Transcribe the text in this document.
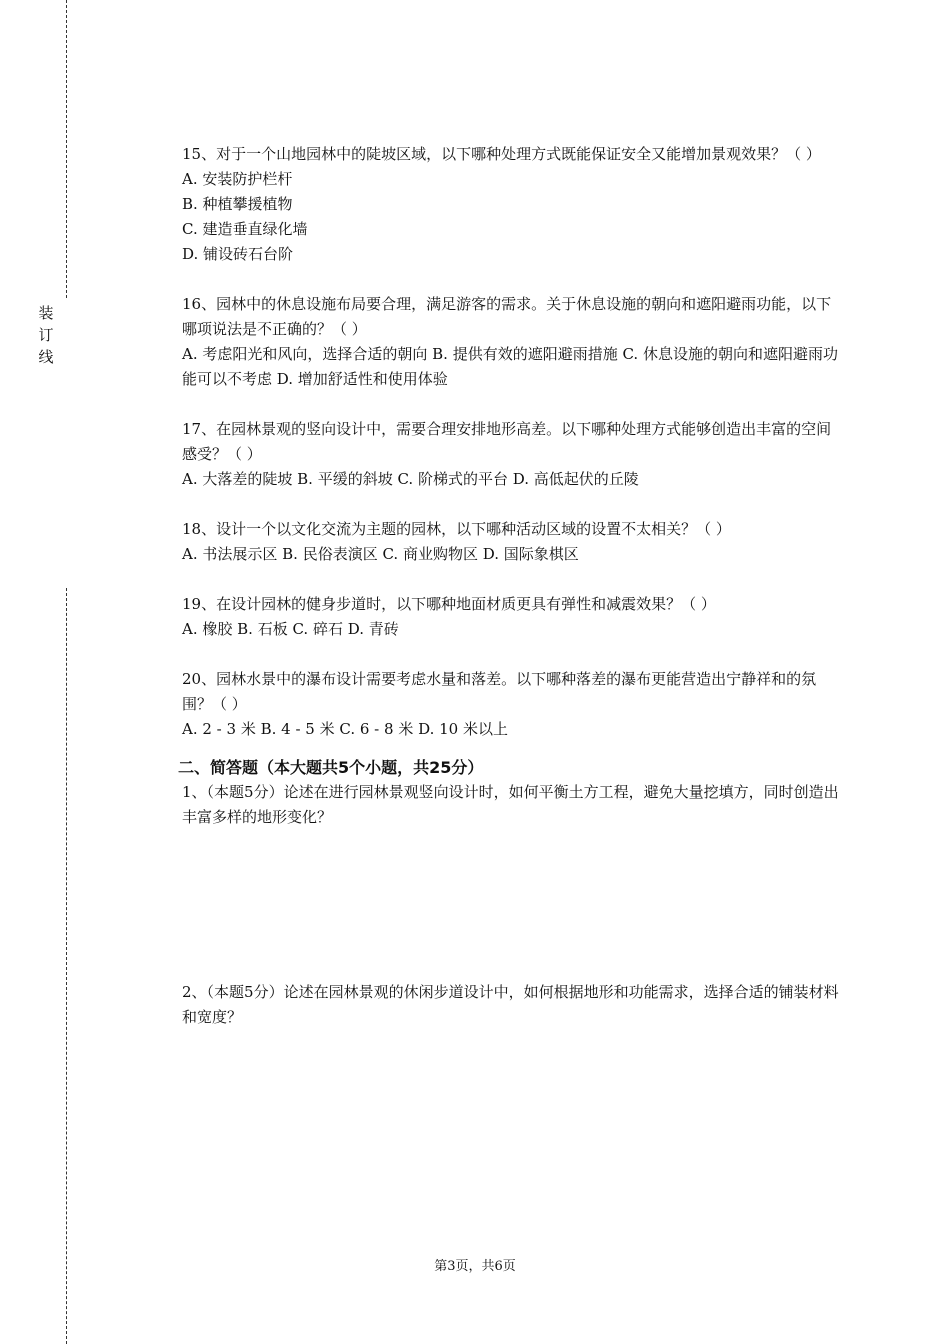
装
订
线

15、对于一个山地园林中的陡坡区域，以下哪种处理方式既能保证安全又能增加景观效果？（ ）

A. 安装防护栏杆

B. 种植攀援植物

C. 建造垂直绿化墙

D. 铺设砖石台阶

16、园林中的休息设施布局要合理，满足游客的需求。关于休息设施的朝向和遮阳避雨功能，以下哪项说法是不正确的？（ ）

A. 考虑阳光和风向，选择合适的朝向 B. 提供有效的遮阳避雨措施 C. 休息设施的朝向和遮阳避雨功能可以不考虑 D. 增加舒适性和使用体验

17、在园林景观的竖向设计中，需要合理安排地形高差。以下哪种处理方式能够创造出丰富的空间感受？（ ）

A. 大落差的陡坡 B. 平缓的斜坡 C. 阶梯式的平台 D. 高低起伏的丘陵

18、设计一个以文化交流为主题的园林，以下哪种活动区域的设置不太相关？（ ）

A. 书法展示区 B. 民俗表演区 C. 商业购物区 D. 国际象棋区

19、在设计园林的健身步道时，以下哪种地面材质更具有弹性和减震效果？（ ）

A. 橡胶 B. 石板 C. 碎石 D. 青砖

20、园林水景中的瀑布设计需要考虑水量和落差。以下哪种落差的瀑布更能营造出宁静祥和的氛围？（ ）

A. 2 - 3 米 B. 4 - 5 米 C. 6 - 8 米 D. 10 米以上

二、简答题（本大题共5个小题，共25分）

1、（本题5分）论述在进行园林景观竖向设计时，如何平衡土方工程，避免大量挖填方，同时创造出丰富多样的地形变化？

2、（本题5分）论述在园林景观的休闲步道设计中，如何根据地形和功能需求，选择合适的铺装材料和宽度？

第3页，共6页
